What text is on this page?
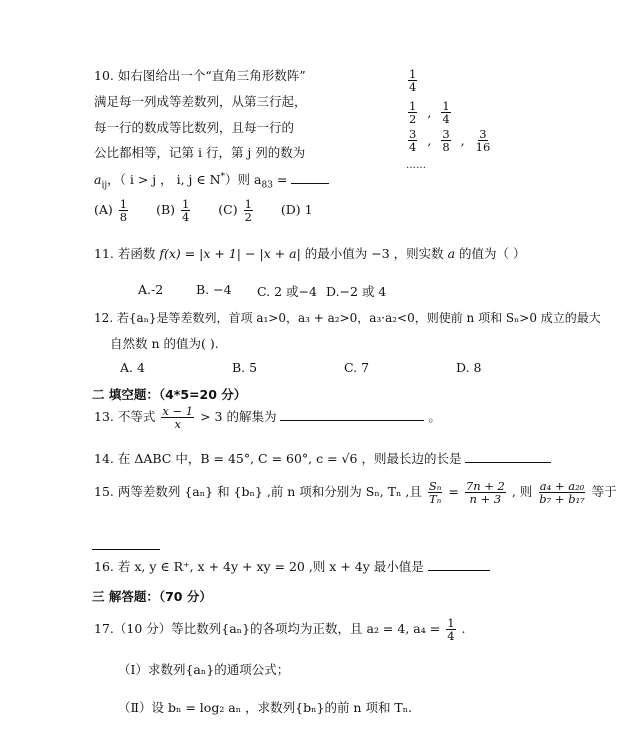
10. 如右图给出一个“直角三角形数阵”
满足每一列成等差数列，从第三行起，
每一行的数成等比数列，且每一行的
公比都相等，记第 i 行，第 j 列的数为
$a_{ij}$，（ i > j ， i, j ∈ N*）则 $a_{83}$ =
$(A) \frac{1}{8} (B) \frac{1}{4} (C) \frac{1}{2} (D)$ 1
$\frac{1}{4}$
$\frac{1}{2}$ , $\frac{1}{4}$
$\frac{3}{4}$ , $\frac{3}{8}$ , $\frac{3}{16}$
……
11. 若函数 f(x) = |x + 1| − |x + a| 的最小值为 −3 ，则实数 a 的值为（ ）
A.-2	B. −4 C. 2 或−4 D.−2 或 4
12. 若{aₙ}是等差数列，首项 a₁>0，a₃ + a₂>0，a₃·a₂<0，则使前 n 项和 Sₙ>0 成立的最大
自然数 n 的值为( ).
A. 4	B. 5	C. 7	D. 8
二 填空题：（4*5=20 分）
13. 不等式 $\frac{x - 1}{x} > 3$ 的解集为	。
14. 在 ΔABC 中，B = 45°, C = 60°, c = √6 ，则最长边的长是
15. 两等差数列 {aₙ} 和 {bₙ} ,前 n 项和分别为 Sₙ, Tₙ ,且 $\frac{\text{Sₙ}}{\text{Tₙ}} = \frac{7n + 2}{n + 3}$ , 则 $\frac{\text{a₄ + a₂₀}}{\text{b₇ + b₁₇}}$ 等于
16. 若 x, y ∈ R⁺, x + 4y + xy = 20 ,则 x + 4y 最小值是
三 解答题：（70 分）
17.（10 分）等比数列{aₙ}的各项均为正数，且 a₂ = 4, $a_4 = \frac{1}{4}$ .
（Ⅰ）求数列{aₙ}的通项公式；
（Ⅱ）设 bₙ = log₂ aₙ ，求数列{bₙ}的前 n 项和 Tₙ.
